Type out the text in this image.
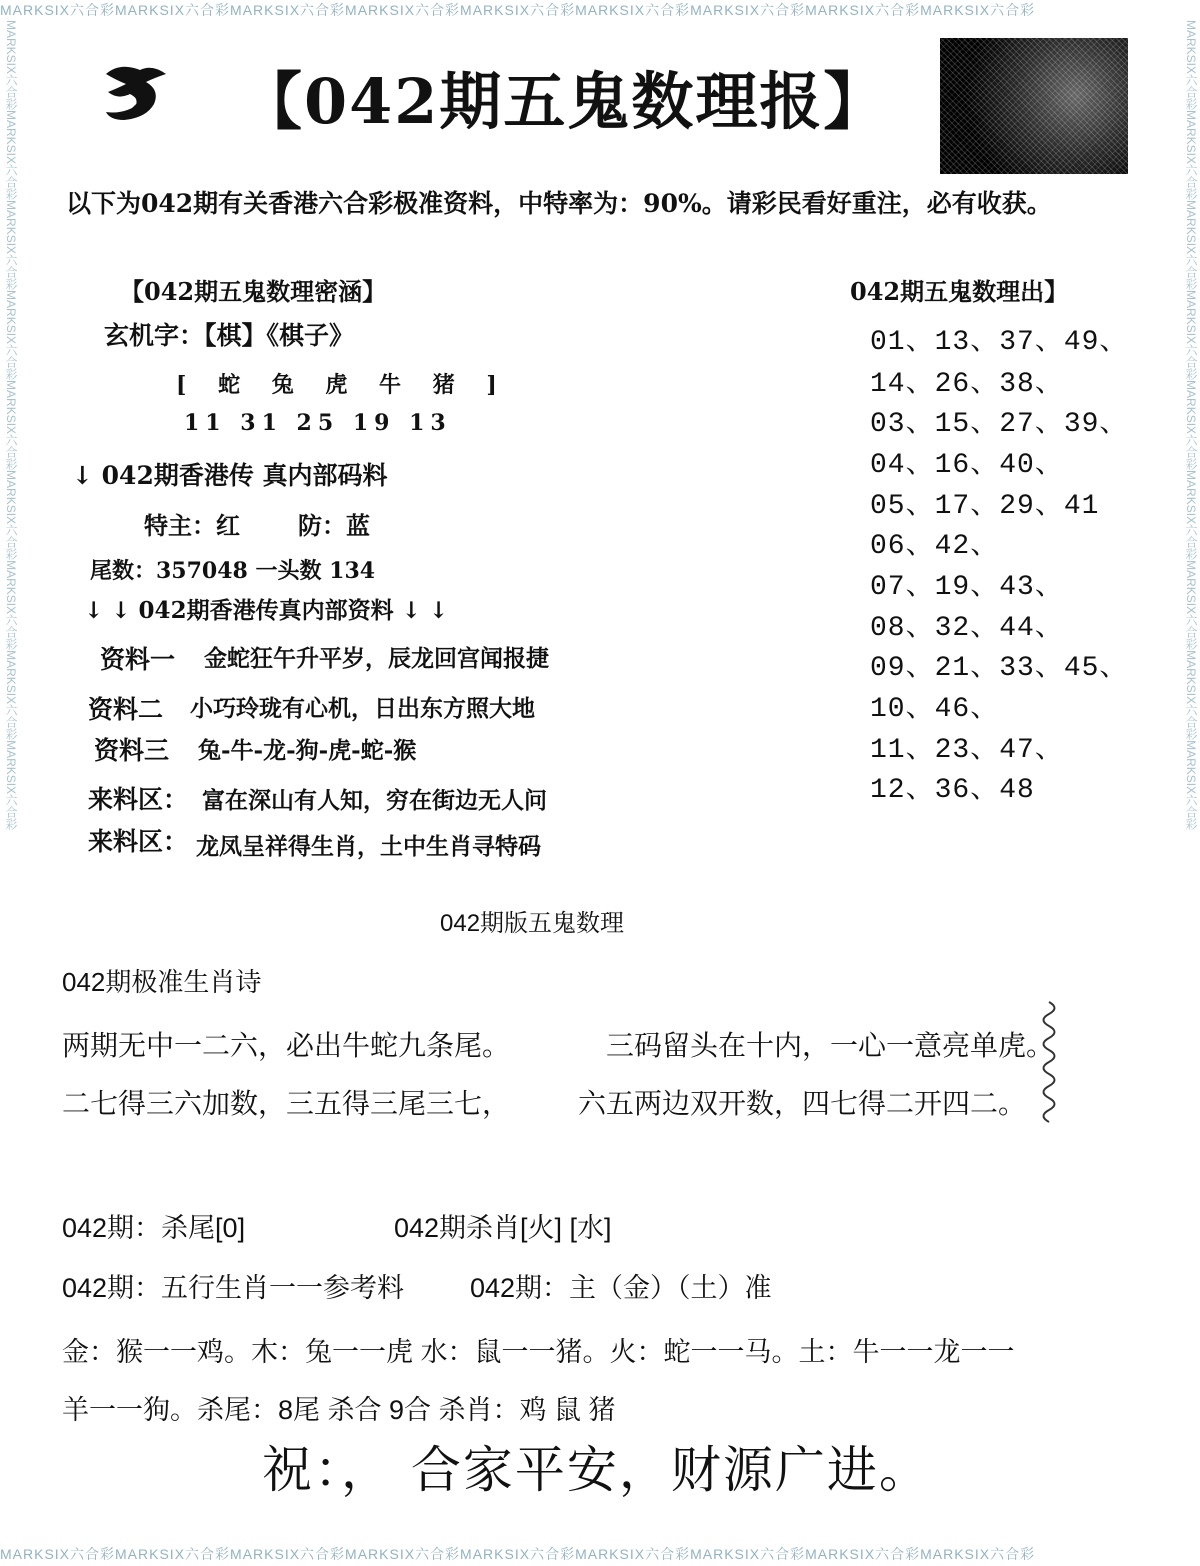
MARKSIX六合彩MARKSIX六合彩MARKSIX六合彩MARKSIX六合彩MARKSIX六合彩MARKSIX六合彩MARKSIX六合彩MARKSIX六合彩MARKSIX六合彩
MARKSIX六合彩MARKSIX六合彩MARKSIX六合彩MARKSIX六合彩MARKSIX六合彩MARKSIX六合彩MARKSIX六合彩MARKSIX六合彩MARKSIX六合彩
MARKSIX六合彩MARKSIX六合彩MARKSIX六合彩MARKSIX六合彩MARKSIX六合彩MARKSIX六合彩MARKSIX六合彩MARKSIX六合彩MARKSIX六合彩	MARKSIX六合彩MARKSIX六合彩MARKSIX六合彩MARKSIX六合彩MARKSIX六合彩MARKSIX六合彩MARKSIX六合彩MARKSIX六合彩MARKSIX六合彩
【042期五鬼数理报】
以下为042期有关香港六合彩极准资料，中特率为：90%。请彩民看好重注，必有收获。
【042期五鬼数理密涵】
玄机字：【棋】《棋子》
[ 蛇 兔 虎 牛 猪 ]
11 31 25 19 13
↓ 042期香港传 真内部码料
特主：红 防：蓝
尾数：357048 一头数 134
↓ ↓ 042期香港传真内部资料 ↓ ↓
资料一 金蛇狂午升平岁，辰龙回宫闻报捷
资料二 小巧玲珑有心机，日出东方照大地
资料三 兔-牛-龙-狗-虎-蛇-猴
来料区： 富在深山有人知，穷在街边无人问
来料区： 龙凤呈祥得生肖，土中生肖寻特码
042期五鬼数理出】
01、13、37、49、
14、26、38、
03、15、27、39、
04、16、40、
05、17、29、41
06、42、
07、19、43、
08、32、44、
09、21、33、45、
10、46、
11、23、47、
12、36、48
042期版五鬼数理
042期极准生肖诗
两期无中一二六，必出牛蛇九条尾。	三码留头在十内，一心一意亮单虎。
二七得三六加数，三五得三尾三七， 六五两边双开数，四七得二开四二。
042期：杀尾[0]	042期杀肖[火] [水]
042期：五行生肖一一参考料 042期：主（金）（土）准
金：猴一一鸡。木：兔一一虎 水：鼠一一猪。火：蛇一一马。土：牛一一龙一一
羊一一狗。杀尾：8尾 杀合 9合 杀肖：鸡 鼠 猪
祝：， 合家平安，财源广进。
